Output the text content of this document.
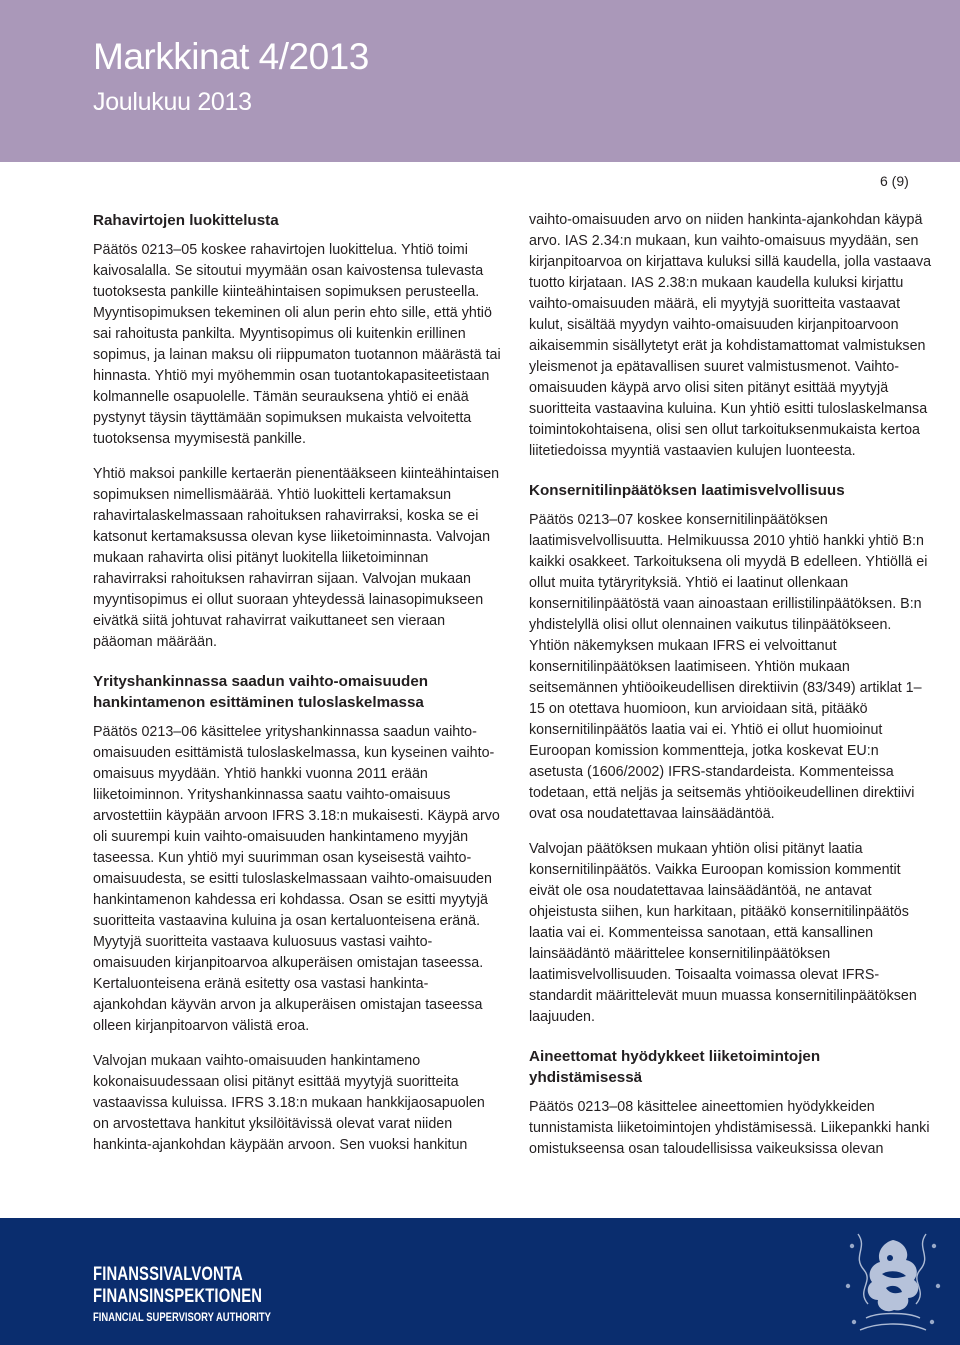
Markkinat 4/2013
Joulukuu 2013
6 (9)
Rahavirtojen luokittelusta

Päätös 0213–05 koskee rahavirtojen luokittelua. Yhtiö toimi kaivosalalla. Se sitoutui myymään osan kaivostensa tulevasta tuotoksesta pankille kiinteähintaisen sopimuksen perusteella. Myyntisopimuksen tekeminen oli alun perin ehto sille, että yhtiö sai rahoitusta pankilta. Myyntisopimus oli kuitenkin erillinen sopimus, ja lainan maksu oli riippumaton tuotannon määrästä tai hinnasta. Yhtiö myi myöhemmin osan tuotantokapasiteetistaan kolmannelle osapuolelle. Tämän seurauksena yhtiö ei enää pystynyt täysin täyttämään sopimuksen mukaista velvoitetta tuotoksensa myymisestä pankille.

Yhtiö maksoi pankille kertaerän pienentääkseen kiinteähintaisen sopimuksen nimellismäärää. Yhtiö luokitteli kertamaksun rahavirtalaskelmassaan rahoituksen rahavirraksi, koska se ei katsonut kertamaksussa olevan kyse liiketoiminnasta. Valvojan mukaan rahavirta olisi pitänyt luokitella liiketoiminnan rahavirraksi rahoituksen rahavirran sijaan. Valvojan mukaan myyntisopimus ei ollut suoraan yhteydessä lainasopimukseen eivätkä siitä johtuvat rahavirrat vaikuttaneet sen vieraan pääoman määrään.

Yrityshankinnassa saadun vaihto-omaisuuden hankintamenon esittäminen tuloslaskelmassa

Päätös 0213–06 käsittelee yrityshankinnassa saadun vaihto-omaisuuden esittämistä tuloslaskelmassa, kun kyseinen vaihto-omaisuus myydään. Yhtiö hankki vuonna 2011 erään liiketoiminnon. Yrityshankinnassa saatu vaihto-omaisuus arvostettiin käypään arvoon IFRS 3.18:n mukaisesti. Käypä arvo oli suurempi kuin vaihto-omaisuuden hankintameno myyjän taseessa. Kun yhtiö myi suurimman osan kyseisestä vaihto-omaisuudesta, se esitti tuloslaskelmassaan vaihto-omaisuuden hankintamenon kahdessa eri kohdassa. Osan se esitti myytyjä suoritteita vastaavina kuluina ja osan kertaluonteisena eränä. Myytyjä suoritteita vastaava kuluosuus vastasi vaihto-omaisuuden kirjanpitoarvoa alkuperäisen omistajan taseessa. Kertaluonteisena eränä esitetty osa vastasi hankinta-ajankohdan käyvän arvon ja alkuperäisen omistajan taseessa olleen kirjanpitoarvon välistä eroa.

Valvojan mukaan vaihto-omaisuuden hankintameno kokonaisuudessaan olisi pitänyt esittää myytyjä suoritteita vastaavissa kuluissa. IFRS 3.18:n mukaan hankkijaosapuolen on arvostettava hankitut yksilöitävissä olevat varat niiden hankinta-ajankohdan käypään arvoon. Sen vuoksi hankitun

vaihto-omaisuuden arvo on niiden hankinta-ajankohdan käypä arvo. IAS 2.34:n mukaan, kun vaihto-omaisuus myydään, sen kirjanpitoarvoa on kirjattava kuluksi sillä kaudella, jolla vastaava tuotto kirjataan. IAS 2.38:n mukaan kaudella kuluksi kirjattu vaihto-omaisuuden määrä, eli myytyjä suoritteita vastaavat kulut, sisältää myydyn vaihto-omaisuuden kirjanpitoarvoon aikaisemmin sisällytetyt erät ja kohdistamattomat valmistuksen yleismenot ja epätavallisen suuret valmistusmenot. Vaihto-omaisuuden käypä arvo olisi siten pitänyt esittää myytyjä suoritteita vastaavina kuluina. Kun yhtiö esitti tuloslaskelmansa toimintokohtaisena, olisi sen ollut tarkoituksenmukaista kertoa liitetiedoissa myyntiä vastaavien kulujen luonteesta.

Konsernitilinpäätöksen laatimisvelvollisuus

Päätös 0213–07 koskee konsernitilinpäätöksen laatimisvelvollisuutta. Helmikuussa 2010 yhtiö hankki yhtiö B:n kaikki osakkeet. Tarkoituksena oli myydä B edelleen. Yhtiöllä ei ollut muita tytäryrityksiä. Yhtiö ei laatinut ollenkaan konsernitilinpäätöstä vaan ainoastaan erillistilinpäätöksen. B:n yhdistelyllä olisi ollut olennainen vaikutus tilinpäätökseen. Yhtiön näkemyksen mukaan IFRS ei velvoittanut konsernitilinpäätöksen laatimiseen. Yhtiön mukaan seitsemännen yhtiöoikeudellisen direktiivin (83/349) artiklat 1–15 on otettava huomioon, kun arvioidaan sitä, pitääkö konsernitilinpäätös laatia vai ei. Yhtiö ei ollut huomioinut Euroopan komission kommentteja, jotka koskevat EU:n asetusta (1606/2002) IFRS-standardeista. Kommenteissa todetaan, että neljäs ja seitsemäs yhtiöoikeudellinen direktiivi ovat osa noudatettavaa lainsäädäntöä.

Valvojan päätöksen mukaan yhtiön olisi pitänyt laatia konsernitilinpäätös. Vaikka Euroopan komission kommentit eivät ole osa noudatettavaa lainsäädäntöä, ne antavat ohjeistusta siihen, kun harkitaan, pitääkö konsernitilinpäätös laatia vai ei. Kommenteissa sanotaan, että kansallinen lainsäädäntö määrittelee konsernitilinpäätöksen laatimisvelvollisuuden. Toisaalta voimassa olevat IFRS-standardit määrittelevät muun muassa konsernitilinpäätöksen laajuuden.

Aineettomat hyödykkeet liiketoimintojen yhdistämisessä

Päätös 0213–08 käsittelee aineettomien hyödykkeiden tunnistamista liiketoimintojen yhdistämisessä. Liikepankki hanki omistukseensa osan taloudellisissa vaikeuksissa olevan

FINANSSIVALVONTA
FINANSINSPEKTIONEN
FINANCIAL SUPERVISORY AUTHORITY
